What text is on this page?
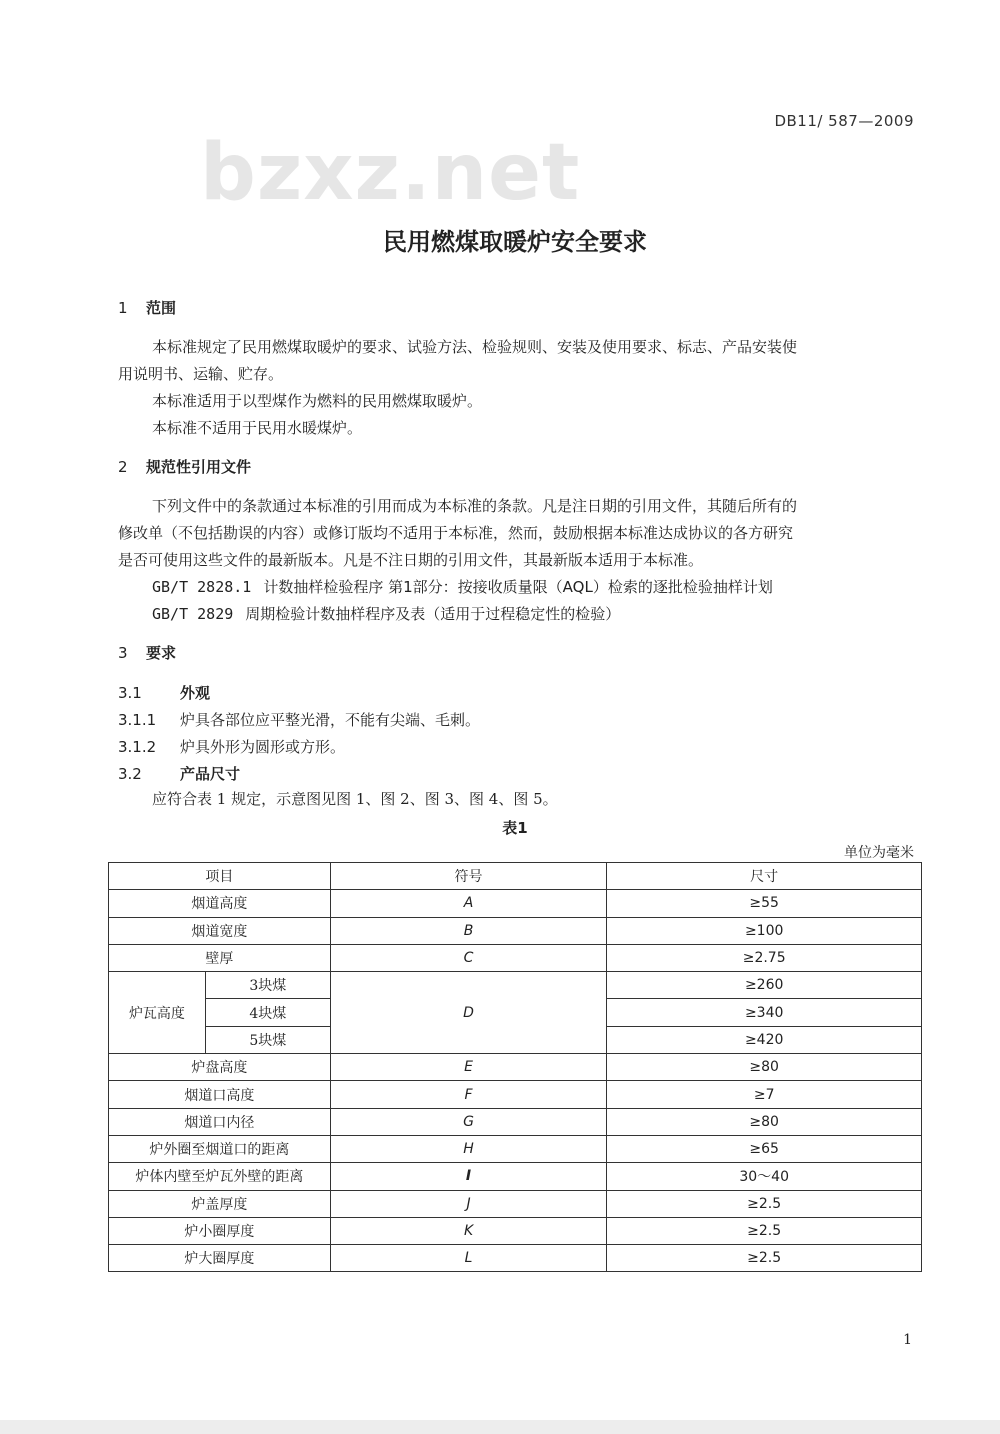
DB11/ 587—2009
bzxz.net
民用燃煤取暖炉安全要求
1 范围
本标准规定了民用燃煤取暖炉的要求、试验方法、检验规则、安装及使用要求、标志、产品安装使
用说明书、运输、贮存。
本标准适用于以型煤作为燃料的民用燃煤取暖炉。
本标准不适用于民用水暖煤炉。
2 规范性引用文件
下列文件中的条款通过本标准的引用而成为本标准的条款。凡是注日期的引用文件，其随后所有的
修改单（不包括勘误的内容）或修订版均不适用于本标准，然而，鼓励根据本标准达成协议的各方研究
是否可使用这些文件的最新版本。凡是不注日期的引用文件，其最新版本适用于本标准。
GB/T 2828.1 计数抽样检验程序 第1部分：按接收质量限（AQL）检索的逐批检验抽样计划
GB/T 2829 周期检验计数抽样程序及表（适用于过程稳定性的检验）
3 要求
3.1	外观
3.1.1 炉具各部位应平整光滑，不能有尖端、毛刺。
3.1.2 炉具外形为圆形或方形。
3.2	产品尺寸
应符合表 1 规定，示意图见图 1、图 2、图 3、图 4、图 5。
表1
单位为毫米
项目		符号	尺寸
烟道高度		A	≥55
烟道宽度		B	≥100
壁厚		C	≥2.75
炉瓦高度	3块煤	D	≥260
	4块煤		≥340
	5块煤		≥420
炉盘高度		E	≥80
烟道口高度		F	≥7
烟道口内径		G	≥80
炉外圈至烟道口的距离		H	≥65
炉体内壁至炉瓦外壁的距离		I	30～40
炉盖厚度		J	≥2.5
炉小圈厚度		K	≥2.5
炉大圈厚度		L	≥2.5
1
